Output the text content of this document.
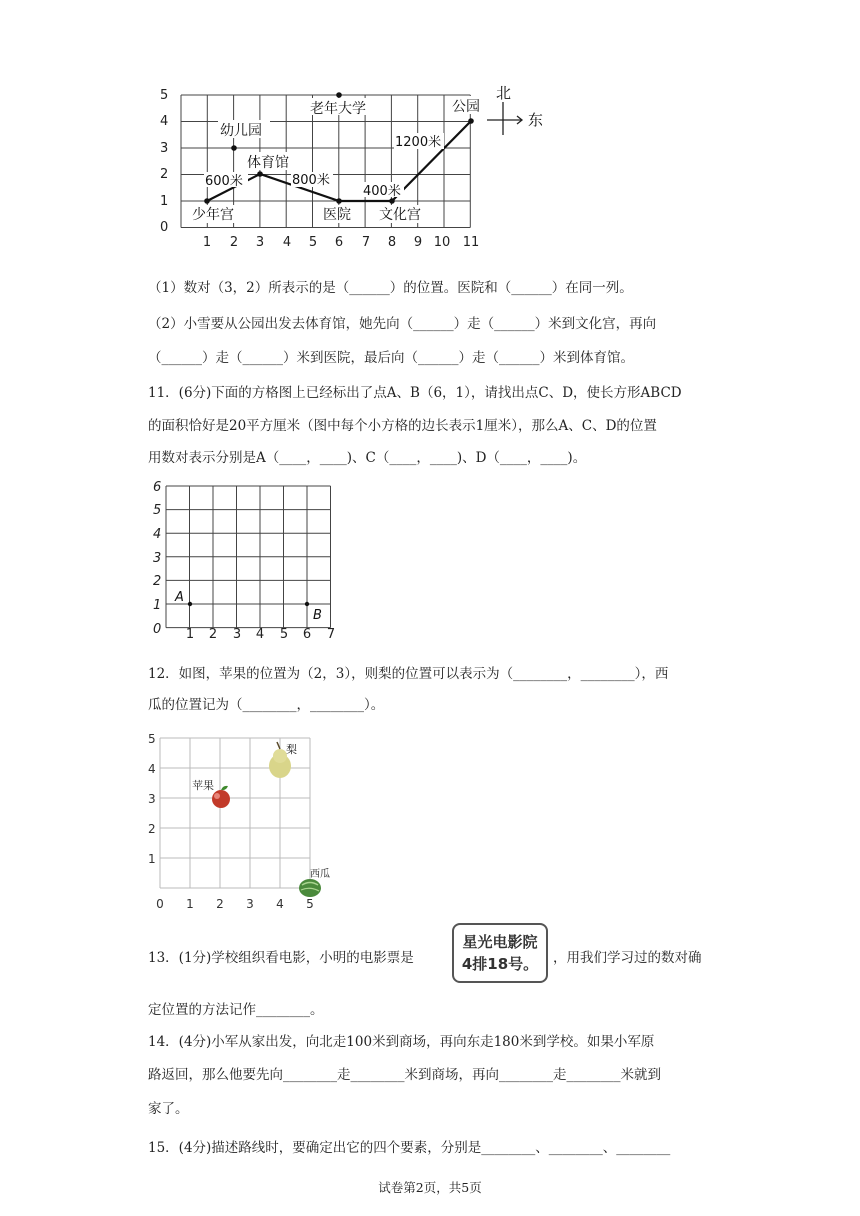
0
1
2
3
4
5
1 2 3 4 5 6 7 8 9 10 11
幼儿园
老年大学	公园
体育馆
少年宫	医院 文化宫
600米	800米
400米
1200米
北
东
（1）数对（3，2）所表示的是（______）的位置。医院和（______）在同一列。
（2）小雪要从公园出发去体育馆，她先向（______）走（______）米到文化宫，再向
（______）走（______）米到医院，最后向（______）走（______）米到体育馆。
11．(6分)下面的方格图上已经标出了点A、B（6，1），请找出点C、D，使长方形ABCD
的面积恰好是20平方厘米（图中每个小方格的边长表示1厘米），那么A、C、D的位置
用数对表示分别是A（____，____)、C（____，____)、D（____，____)。
0
1
2
3
4
5
6
1 2 3 4 5 6 7
A
B
12．如图，苹果的位置为（2，3），则梨的位置可以表示为（________，________），西
瓜的位置记为（________，________）。
1
2
3
4
5
0 1 2 3 4 5
苹果
梨
西瓜
13．(1分)学校组织看电影，小明的电影票是
星光电影院
4排18号。	，用我们学习过的数对确
定位置的方法记作________。
14．(4分)小军从家出发，向北走100米到商场，再向东走180米到学校。如果小军原
路返回，那么他要先向________走________米到商场，再向________走________米就到
家了。
15．(4分)描述路线时，要确定出它的四个要素，分别是________、________、________
试卷第2页，共5页
